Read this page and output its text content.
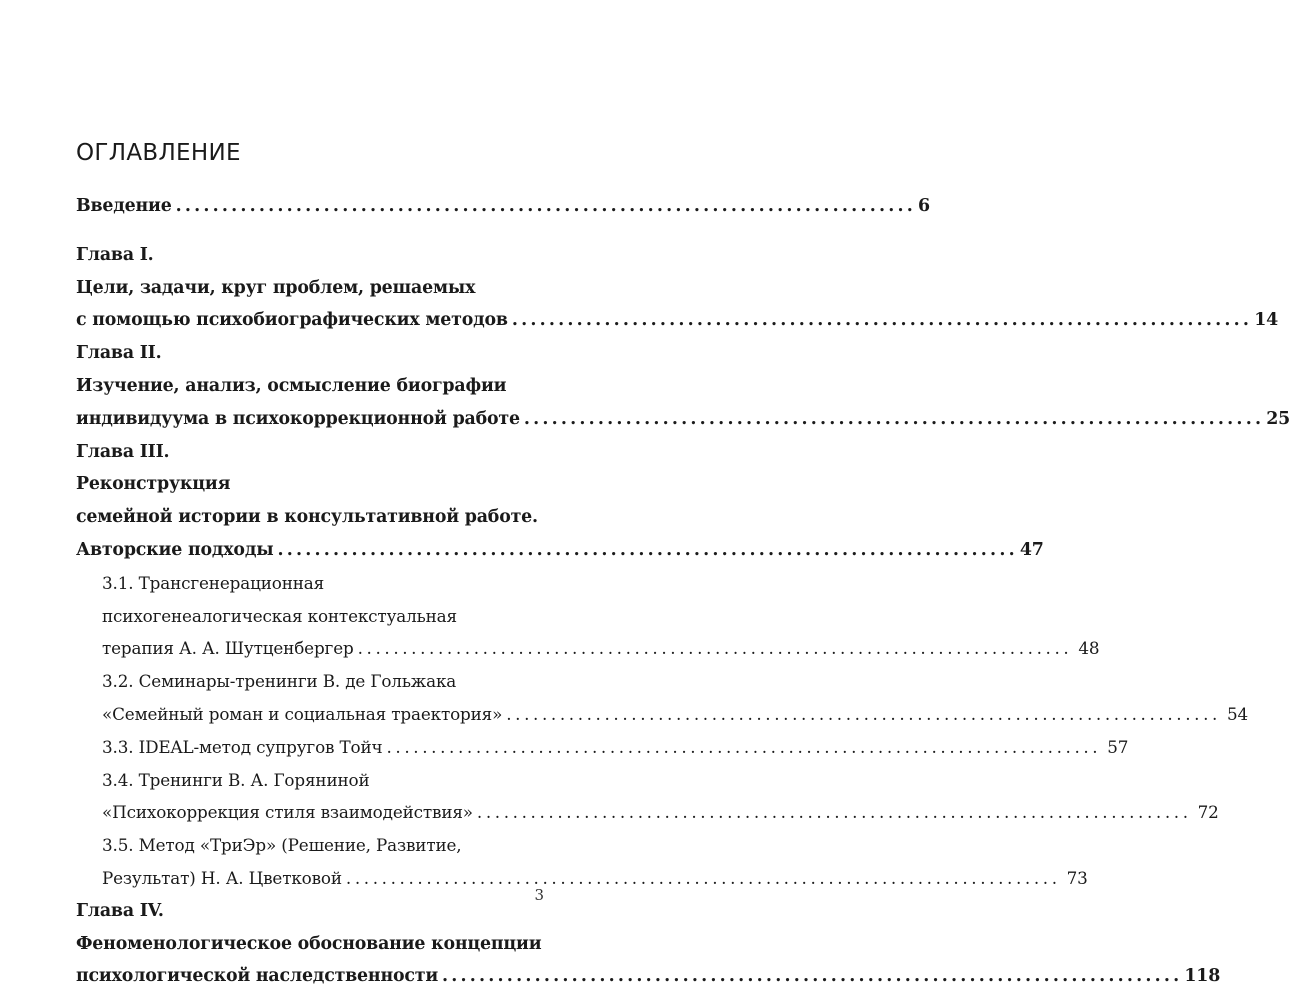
ОГЛАВЛЕНИЕ
Введение ................................................................................ 6
Глава I.
Цели, задачи, круг проблем, решаемых
с помощью психобиографических методов ................................................................................ 14
Глава II.
Изучение, анализ, осмысление биографии
индивидуума в психокоррекционной работе ................................................................................ 25
Глава III.
Реконструкция
семейной истории в консультативной работе.
Авторские подходы ................................................................................ 47
3.1. Трансгенерационная
психогенеалогическая контекстуальная
терапия А. А. Шутценбергер ................................................................................ 48
3.2. Семинары-тренинги В. де Гольжака
«Семейный роман и социальная траектория» ................................................................................ 54
3.3. IDEAL-метод супругов Тойч ................................................................................ 57
3.4. Тренинги В. А. Горяниной
«Психокоррекция стиля взаимодействия» ................................................................................ 72
3.5. Метод «ТриЭр» (Решение, Развитие,
Результат) Н. А. Цветковой ................................................................................ 73
Глава IV.
Феноменологическое обоснование концепции
психологической наследственности ................................................................................ 118
3
